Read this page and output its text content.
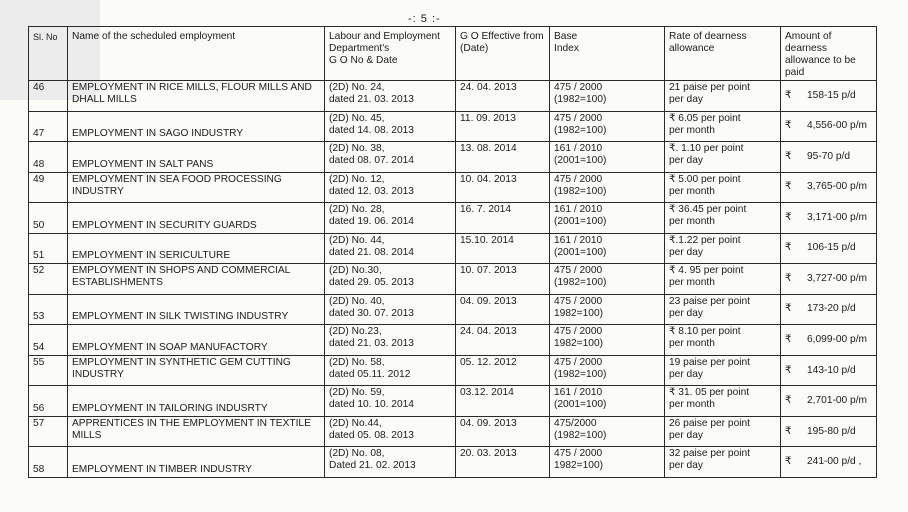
-: 5 :-
Sl. No	Name of the scheduled employment	Labour and Employment
Department's
G O No & Date	G O Effective from
(Date)	Base
Index	Rate of dearness
allowance	Amount of
dearness
allowance to be
paid

46	EMPLOYMENT IN RICE MILLS, FLOUR MILLS AND
DHALL MILLS	(2D) No. 24,
dated 21. 03. 2013	24. 04. 2013	475 / 2000
(1982=100)	21 paise per point
per day	₹ 158-15 p/d
47	EMPLOYMENT IN SAGO INDUSTRY	(2D) No. 45,
dated 14. 08. 2013	11. 09. 2013	475 / 2000
(1982=100)	₹ 6.05 per point
per month	₹ 4,556-00 p/m
48	EMPLOYMENT IN SALT PANS	(2D) No. 38,
dated 08. 07. 2014	13. 08. 2014	161 / 2010
(2001=100)	₹. 1.10 per point
per day	₹ 95-70 p/d
49	EMPLOYMENT IN SEA FOOD PROCESSING
INDUSTRY	(2D) No. 12,
dated 12. 03. 2013	10. 04. 2013	475 / 2000
(1982=100)	₹ 5.00 per point
per month	₹ 3,765-00 p/m
50	EMPLOYMENT IN SECURITY GUARDS	(2D) No. 28,
dated 19. 06. 2014	16. 7. 2014	161 / 2010
(2001=100)	₹ 36.45 per point
per month	₹ 3,171-00 p/m
51	EMPLOYMENT IN SERICULTURE	(2D) No. 44,
dated 21. 08. 2014	15.10. 2014	161 / 2010
(2001=100)	₹.1.22 per point
per day	₹ 106-15 p/d
52	EMPLOYMENT IN SHOPS AND COMMERCIAL
ESTABLISHMENTS	(2D) No.30,
dated 29. 05. 2013	10. 07. 2013	475 / 2000
(1982=100)	₹ 4. 95 per point
per month	₹ 3,727-00 p/m
53	EMPLOYMENT IN SILK TWISTING INDUSTRY	(2D) No. 40,
dated 30. 07. 2013	04. 09. 2013	475 / 2000
1982=100)	23 paise per point
per day	₹ 173-20 p/d
54	EMPLOYMENT IN SOAP MANUFACTORY	(2D) No.23,
dated 21. 03. 2013	24. 04. 2013	475 / 2000
1982=100)	₹ 8.10 per point
per month	₹ 6,099-00 p/m
55	EMPLOYMENT IN SYNTHETIC GEM CUTTING
INDUSTRY	(2D) No. 58,
dated 05.11. 2012	05. 12. 2012	475 / 2000
(1982=100)	19 paise per point
per day	₹ 143-10 p/d
56	EMPLOYMENT IN TAILORING INDUSRTY	(2D) No. 59,
dated 10. 10. 2014	03.12. 2014	161 / 2010
(2001=100)	₹ 31. 05 per point
per month	₹ 2,701-00 p/m
57	APPRENTICES IN THE EMPLOYMENT IN TEXTILE
MILLS	(2D) No.44,
dated 05. 08. 2013	04. 09. 2013	475/2000
(1982=100)	26 paise per point
per day	₹ 195-80 p/d
58	EMPLOYMENT IN TIMBER INDUSTRY	(2D) No. 08,
Dated 21. 02. 2013	20. 03. 2013	475 / 2000
1982=100)	32 paise per point
per day	₹ 241-00 p/d ,
